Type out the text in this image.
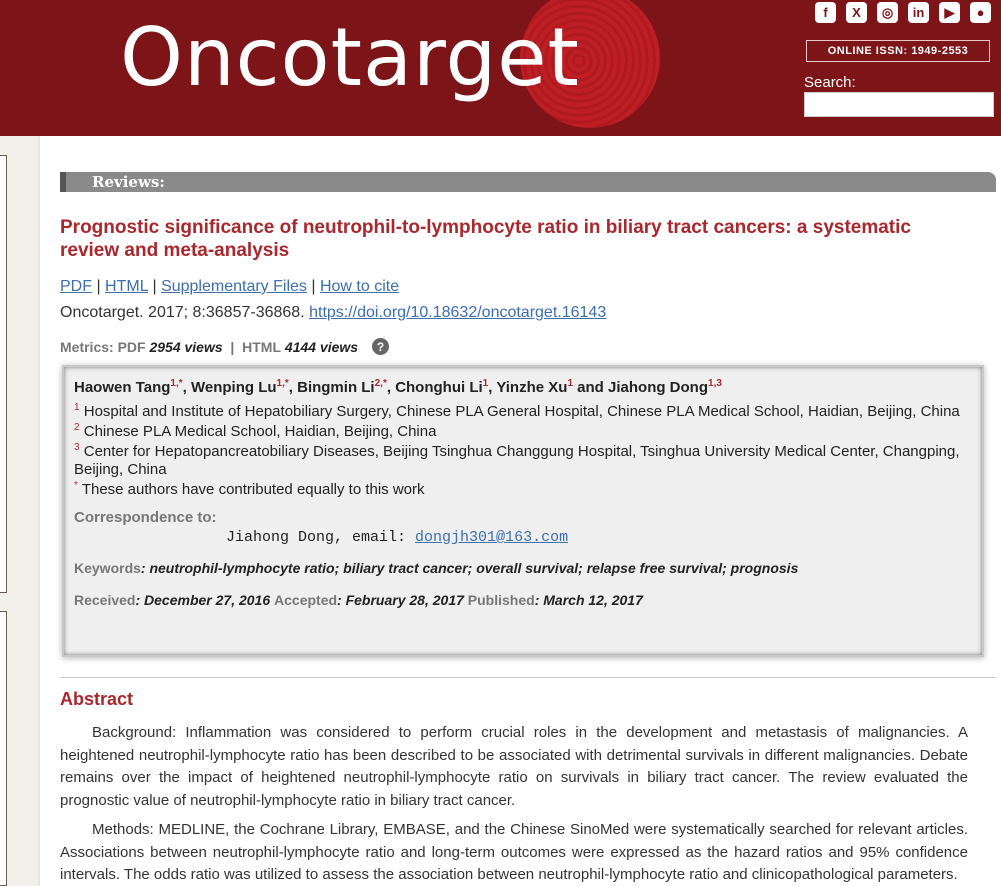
Oncotarget	f	X	◎	in	▶	●
ONLINE ISSN: 1949-2553
Search:
Reviews:
Prognostic significance of neutrophil-to-lymphocyte ratio in biliary tract cancers: a systematic review and meta-analysis
PDF | HTML | Supplementary Files | How to cite
Oncotarget. 2017; 8:36857-36868. https://doi.org/10.18632/oncotarget.16143
Metrics:
PDF
2954 views | HTML
4144 views	?
Haowen Tang$^{1,*}$, Wenping $Lu^{1,*}$, Bingmin $Li^{2,*}$, Chonghui Li$^1$, Yinzhe Xu$^1$ and Jiahong Dong$^{1,3}$
$^1$ Hospital and Institute of Hepatobiliary Surgery, Chinese PLA General Hospital, Chinese PLA Medical School, Haidian, Beijing, China
$^2$ Chinese PLA Medical School, Haidian, Beijing, China
$^3$ Center for Hepatopancreatobiliary Diseases, Beijing Tsinghua Changgung Hospital, Tsinghua University Medical Center, Changping, Beijing, China
* These authors have contributed equally to this work
Correspondence to:
Jiahong Dong, email: dongjh301@163.com
Keywords: neutrophil-lymphocyte ratio; biliary tract cancer; overall survival; relapse free survival; prognosis
Received: December 27, 2016 Accepted: February 28, 2017 Published: March 12, 2017
Abstract

Background: Inflammation was considered to perform crucial roles in the development and metastasis of malignancies. A heightened neutrophil-lymphocyte ratio has been described to be associated with detrimental survivals in different malignancies. Debate remains over the impact of heightened neutrophil-lymphocyte ratio on survivals in biliary tract cancer. The review evaluated the prognostic value of neutrophil-lymphocyte ratio in biliary tract cancer.

Methods: MEDLINE, the Cochrane Library, EMBASE, and the Chinese SinoMed were systematically searched for relevant articles. Associations between neutrophil-lymphocyte ratio and long-term outcomes were expressed as the hazard ratios and 95% confidence intervals. The odds ratio was utilized to assess the association between neutrophil-lymphocyte ratio and clinicopathological parameters.
